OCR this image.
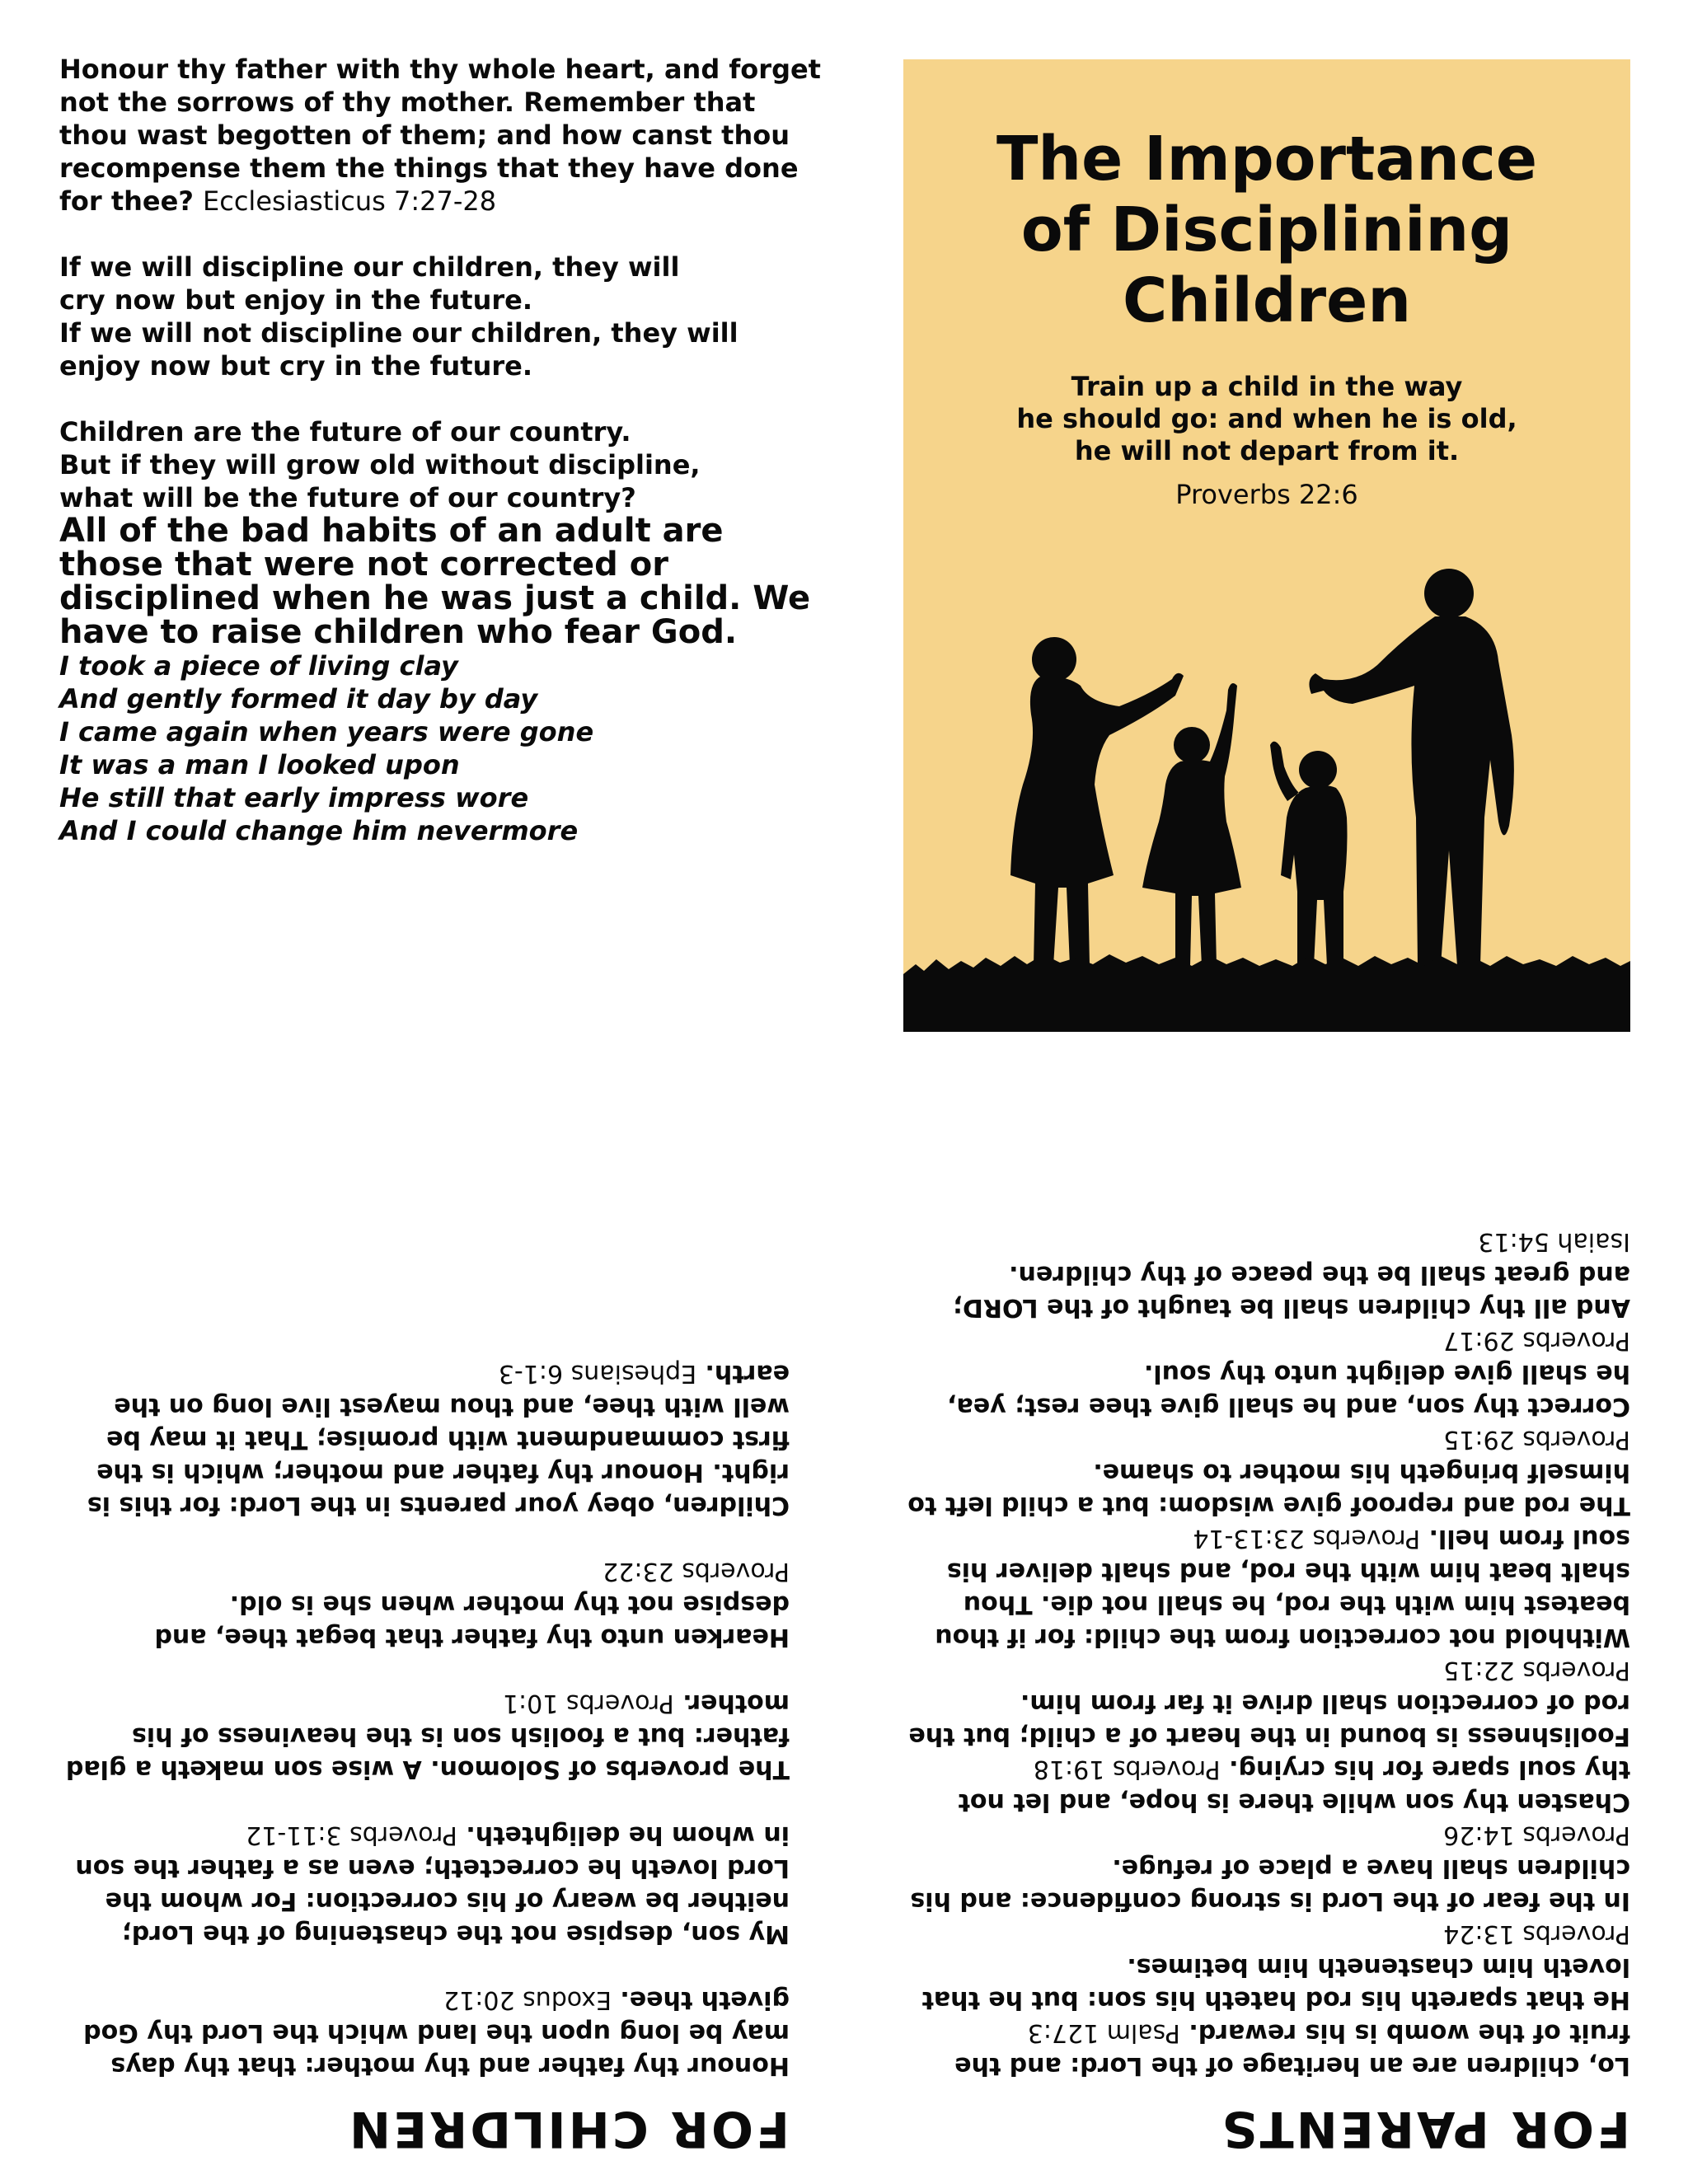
Honour thy father with thy whole heart, and forget not the sorrows of thy mother. Remember that thou wast begotten of them; and how canst thou recompense them the things that they have done for thee? Ecclesiasticus 7:27-28

If we will discipline our children, they will
cry now but enjoy in the future.
If we will not discipline our children, they will
enjoy now but cry in the future.

Children are the future of our country.
But if they will grow old without discipline,
what will be the future of our country?

All of the bad habits of an adult are those that were not corrected or disciplined when he was just a child. We have to raise children who fear God.

I took a piece of living clay
And gently formed it day by day
I came again when years were gone
It was a man I looked upon
He still that early impress wore
And I could change him nevermore

The Importance
of Disciplining
Children
Train up a child in the way
he should go: and when he is old,
he will not depart from it.
Proverbs 22:6
FOR PARENTS

Lo, children are an heritage of the Lord: and the fruit of the womb is his reward. Psalm 127:3

He that spareth his rod hateth his son: but he that loveth him chasteneth him betimes.
Proverbs 13:24

In the fear of the Lord is strong confidence: and his children shall have a place of refuge.
Proverbs 14:26

Chasten thy son while there is hope, and let not thy soul spare for his crying. Proverbs 19:18

Foolishness is bound in the heart of a child; but the rod of correction shall drive it far from him.
Proverbs 22:15

Withhold not correction from the child: for if thou beatest him with the rod, he shall not die. Thou shalt beat him with the rod, and shalt deliver his soul from hell. Proverbs 23:13-14

The rod and reproof give wisdom: but a child left to himself bringeth his mother to shame.
Proverbs 29:15

Correct thy son, and he shall give thee rest; yea, he shall give delight unto thy soul.
Proverbs 29:17

And all thy children shall be taught of the LORD; and great shall be the peace of thy children.
Isaiah 54:13

FOR CHILDREN

Honour thy father and thy mother: that thy days may be long upon the land which the Lord thy God giveth thee. Exodus 20:12

My son, despise not the chastening of the Lord; neither be weary of his correction: For whom the Lord loveth he correcteth; even as a father the son in whom he delighteth. Proverbs 3:11-12

The proverbs of Solomon. A wise son maketh a glad father: but a foolish son is the heaviness of his mother. Proverbs 10:1

Hearken unto thy father that begat thee, and despise not thy mother when she is old.
Proverbs 23:22

Children, obey your parents in the Lord: for this is right. Honour thy father and mother; which is the first commandment with promise; That it may be well with thee, and thou mayest live long on the earth. Ephesians 6:1-3
